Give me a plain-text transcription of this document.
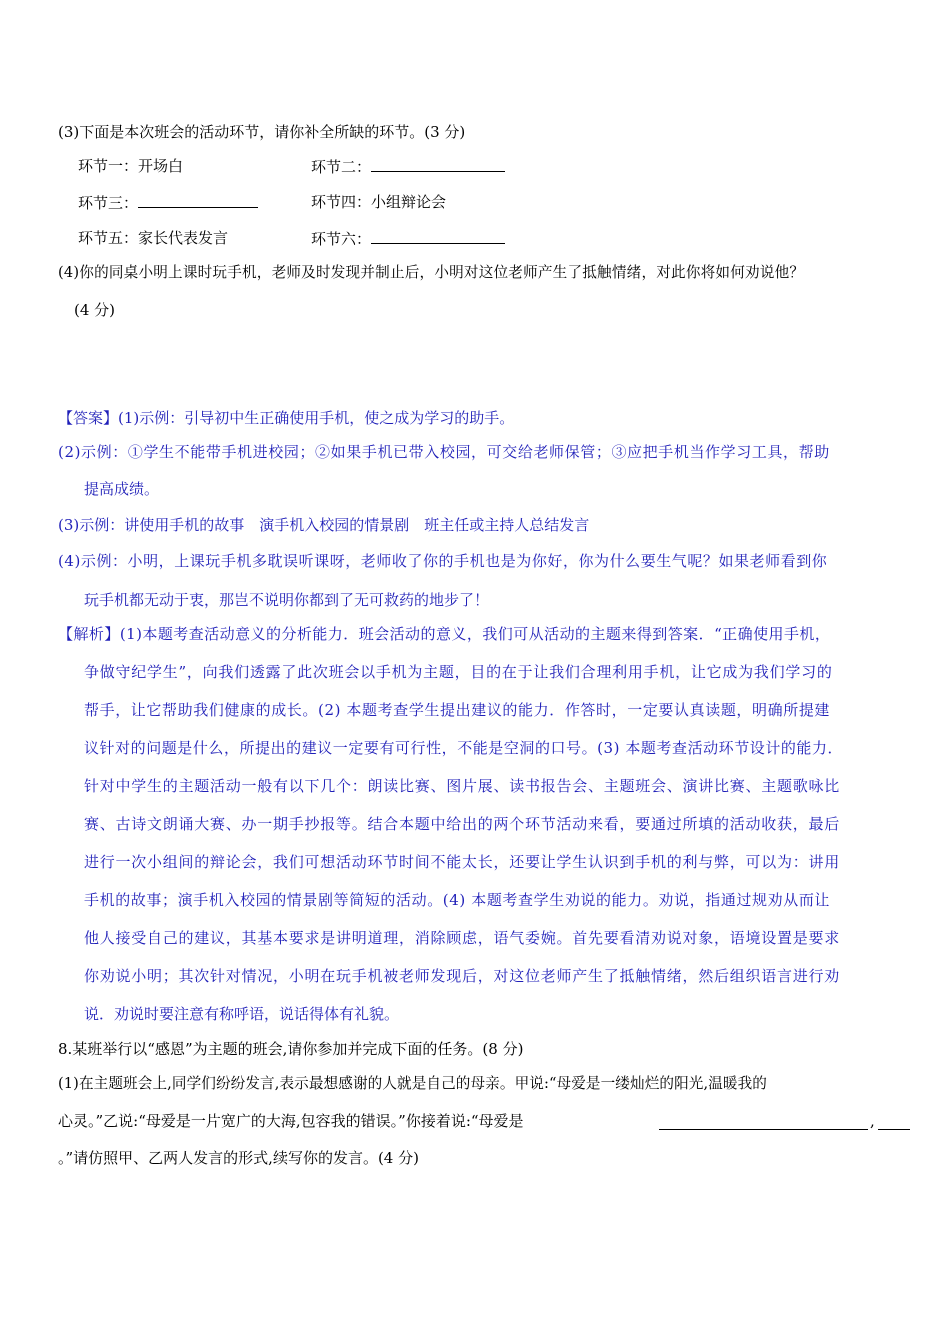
(3)下面是本次班会的活动环节，请你补全所缺的环节。(3 分)
环节一：开场白	环节二：
环节三：	环节四：小组辩论会
环节五：家长代表发言	环节六：
(4)你的同桌小明上课时玩手机，老师及时发现并制止后，小明对这位老师产生了抵触情绪，对此你将如何劝说他？
(4 分)
【答案】(1)示例：引导初中生正确使用手机，使之成为学习的助手。
(2)示例：①学生不能带手机进校园；②如果手机已带入校园，可交给老师保管；③应把手机当作学习工具，帮助
提高成绩。
(3)示例：讲使用手机的故事　演手机入校园的情景剧　班主任或主持人总结发言
(4)示例：小明，上课玩手机多耽误听课呀，老师收了你的手机也是为你好，你为什么要生气呢？如果老师看到你
玩手机都无动于衷，那岂不说明你都到了无可救药的地步了！
【解析】(1)本题考查活动意义的分析能力．班会活动的意义，我们可从活动的主题来得到答案．“正确使用手机，
争做守纪学生”，向我们透露了此次班会以手机为主题，目的在于让我们合理利用手机，让它成为我们学习的
帮手，让它帮助我们健康的成长。(2) 本题考查学生提出建议的能力．作答时，一定要认真读题，明确所提建
议针对的问题是什么，所提出的建议一定要有可行性，不能是空洞的口号。(3) 本题考查活动环节设计的能力．
针对中学生的主题活动一般有以下几个：朗读比赛、图片展、读书报告会、主题班会、演讲比赛、主题歌咏比
赛、古诗文朗诵大赛、办一期手抄报等。结合本题中给出的两个环节活动来看，要通过所填的活动收获，最后
进行一次小组间的辩论会，我们可想活动环节时间不能太长，还要让学生认识到手机的利与弊，可以为：讲用
手机的故事；演手机入校园的情景剧等简短的活动。(4) 本题考查学生劝说的能力。劝说，指通过规劝从而让
他人接受自己的建议，其基本要求是讲明道理，消除顾虑，语气委婉。首先要看清劝说对象，语境设置是要求
你劝说小明；其次针对情况，小明在玩手机被老师发现后，对这位老师产生了抵触情绪，然后组织语言进行劝
说．劝说时要注意有称呼语，说话得体有礼貌。
8.某班举行以“感恩”为主题的班会,请你参加并完成下面的任务。(8 分)
(1)在主题班会上,同学们纷纷发言,表示最想感谢的人就是自己的母亲。甲说:“母爱是一缕灿烂的阳光,温暖我的
心灵。”乙说:“母爱是一片宽广的大海,包容我的错误。”你接着说:“母爱是	,
。”请仿照甲、乙两人发言的形式,续写你的发言。(4 分)
